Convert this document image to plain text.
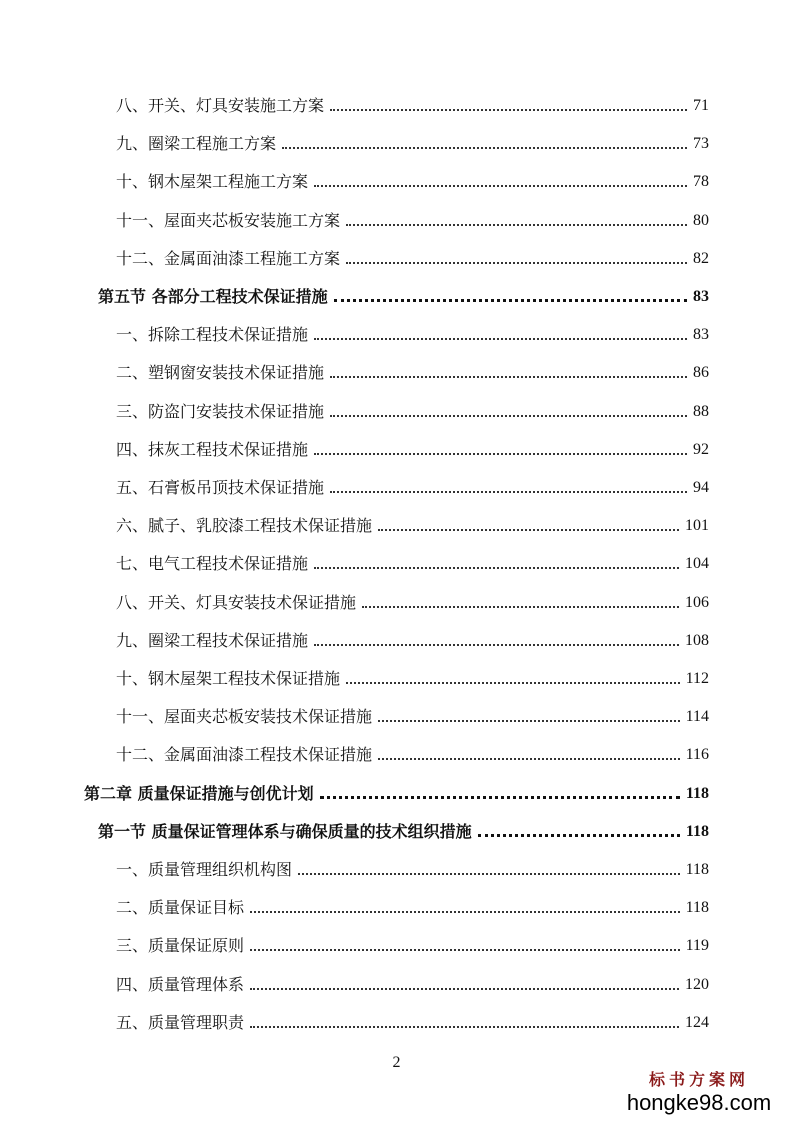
八、开关、灯具安装施工方案	71
九、圈梁工程施工方案	73
十、钢木屋架工程施工方案	78
十一、屋面夹芯板安装施工方案	80
十二、金属面油漆工程施工方案	82
第五节 各部分工程技术保证措施	83
一、拆除工程技术保证措施	83
二、塑钢窗安装技术保证措施	86
三、防盗门安装技术保证措施	88
四、抹灰工程技术保证措施	92
五、石膏板吊顶技术保证措施	94
六、腻子、乳胶漆工程技术保证措施	101
七、电气工程技术保证措施	104
八、开关、灯具安装技术保证措施	106
九、圈梁工程技术保证措施	108
十、钢木屋架工程技术保证措施	112
十一、屋面夹芯板安装技术保证措施	114
十二、金属面油漆工程技术保证措施	116
第二章 质量保证措施与创优计划	118
第一节 质量保证管理体系与确保质量的技术组织措施	118
一、质量管理组织机构图	118
二、质量保证目标	118
三、质量保证原则	119
四、质量管理体系	120
五、质量管理职责	124
2
标书方案网
hongke98.com
